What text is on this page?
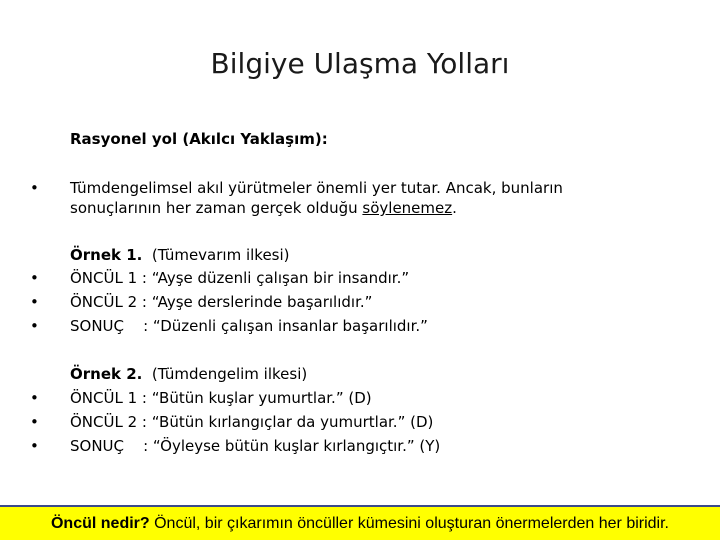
Bilgiye Ulaşma Yolları
Rasyonel yol (Akılcı Yaklaşım):
•	Tümdengelimsel akıl yürütmeler önemli yer tutar. Ancak, bunların sonuçlarının her zaman gerçek olduğu söylenemez.
Örnek 1.  (Tümevarım ilkesi)
•	ÖNCÜL 1 : “Ayşe düzenli çalışan bir insandır.”
•	ÖNCÜL 2 : “Ayşe derslerinde başarılıdır.”
•	SONUÇ    : “Düzenli çalışan insanlar başarılıdır.”
Örnek 2.  (Tümdengelim ilkesi)
•	ÖNCÜL 1 : “Bütün kuşlar yumurtlar.” (D)
•	ÖNCÜL 2 : “Bütün kırlangıçlar da yumurtlar.” (D)
•	SONUÇ    : “Öyleyse bütün kuşlar kırlangıçtır.” (Y)
Öncül nedir? Öncül, bir çıkarımın öncüller kümesini oluşturan önermelerden her biridir.
